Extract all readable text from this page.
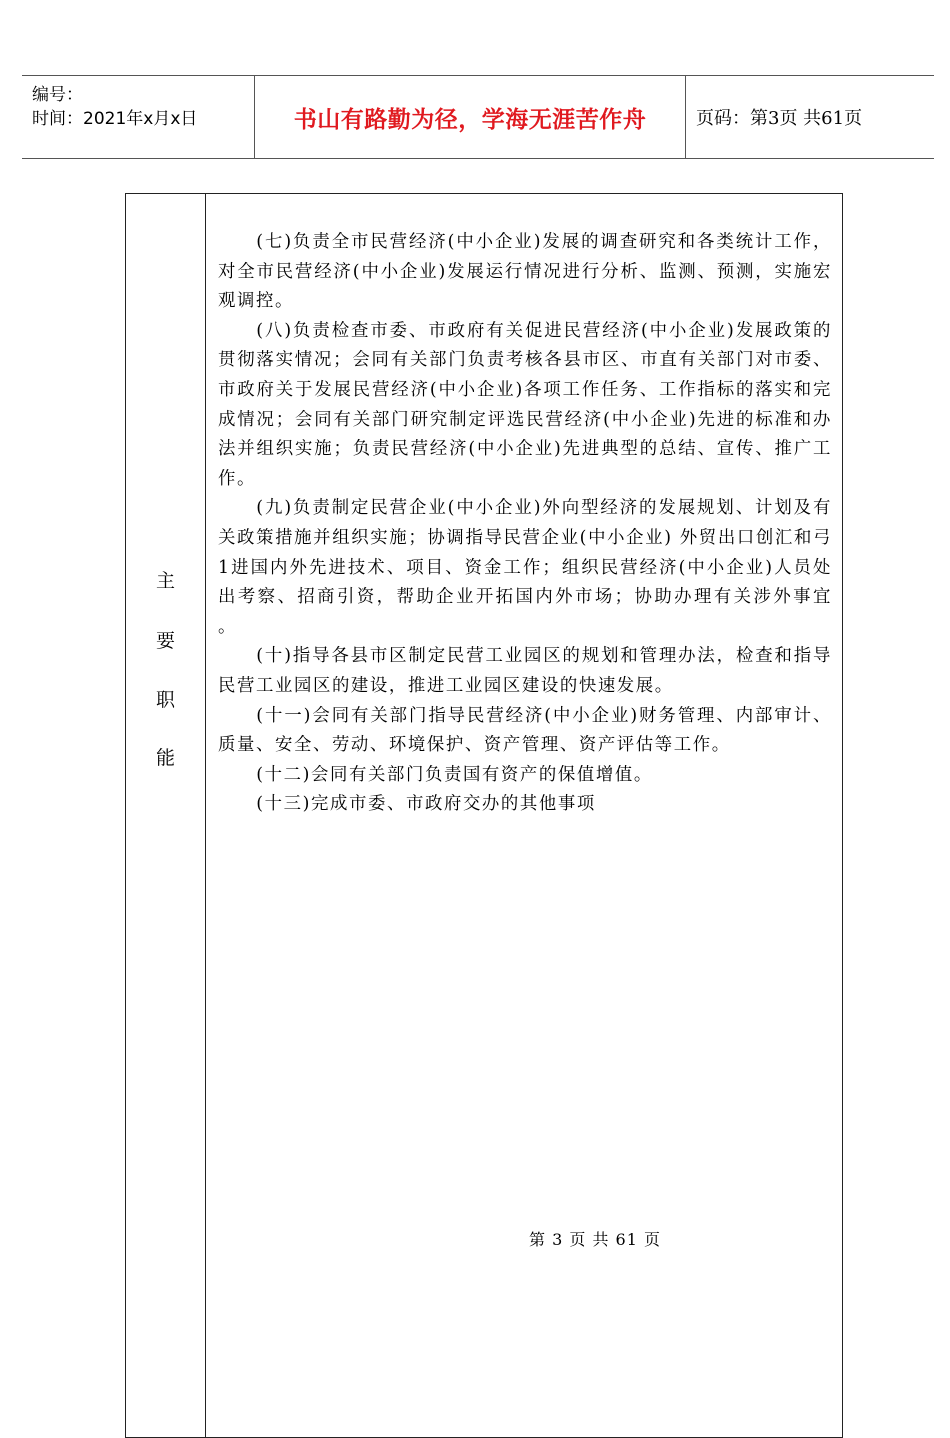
编号：
时间：2021年x月x日	书山有路勤为径，学海无涯苦作舟	页码：第3页 共61页
主
要
职
能

(七)负责全市民营经济(中小企业)发展的调查研究和各类统计工作，对全市民营经济(中小企业)发展运行情况进行分析、监测、预测，实施宏观调控。

(八)负责检查市委、市政府有关促进民营经济(中小企业)发展政策的贯彻落实情况；会同有关部门负责考核各县市区、市直有关部门对市委、市政府关于发展民营经济(中小企业)各项工作任务、工作指标的落实和完成情况；会同有关部门研究制定评选民营经济(中小企业)先进的标准和办法并组织实施；负责民营经济(中小企业)先进典型的总结、宣传、推广工作。

(九)负责制定民营企业(中小企业)外向型经济的发展规划、计划及有关政策措施并组织实施；协调指导民营企业(中小企业) 外贸出口创汇和弓1进国内外先进技术、项目、资金工作；组织民营经济(中小企业)人员处出考察、招商引资，帮助企业开拓国内外市场；协助办理有关涉外事宜 。

(十)指导各县市区制定民营工业园区的规划和管理办法，检查和指导民营工业园区的建设，推进工业园区建设的快速发展。

(十一)会同有关部门指导民营经济(中小企业)财务管理、内部审计、质量、安全、劳动、环境保护、资产管理、资产评估等工作。

(十二)会同有关部门负责国有资产的保值增值。

(十三)完成市委、市政府交办的其他事项

第 3 页 共 61 页
